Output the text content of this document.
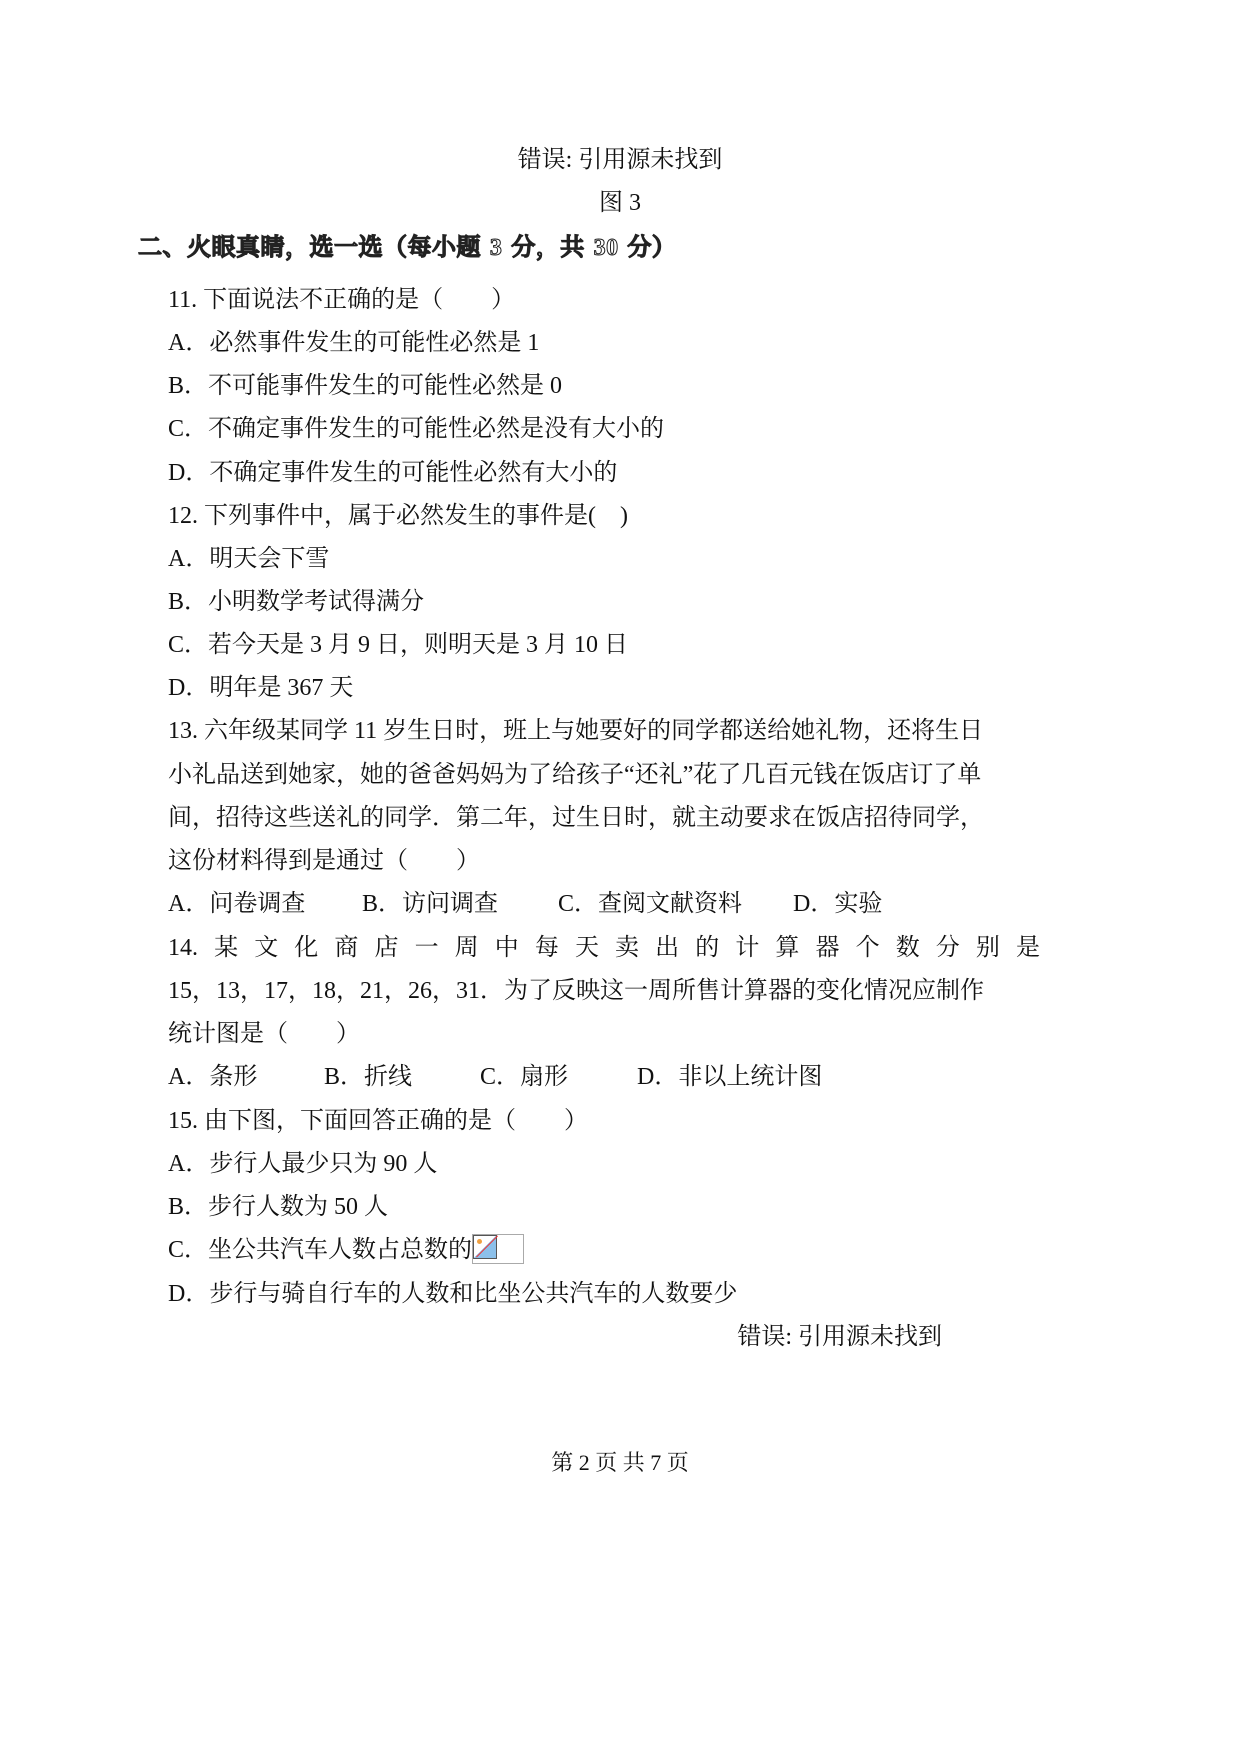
错误: 引用源未找到
图 3
二、火眼真睛，选一选（每小题 3 分，共 30 分）
11. 下面说法不正确的是（　　）
A．必然事件发生的可能性必然是 1
B．不可能事件发生的可能性必然是 0
C．不确定事件发生的可能性必然是没有大小的
D．不确定事件发生的可能性必然有大小的
12. 下列事件中，属于必然发生的事件是(　)
A．明天会下雪
B．小明数学考试得满分
C．若今天是 3 月 9 日，则明天是 3 月 10 日
D．明年是 367 天
13. 六年级某同学 11 岁生日时，班上与她要好的同学都送给她礼物，还将生日
小礼品送到她家，她的爸爸妈妈为了给孩子“还礼”花了几百元钱在饭店订了单
间，招待这些送礼的同学．第二年，过生日时，就主动要求在饭店招待同学，
这份材料得到是通过（　　）
A．问卷调查 B．访问调查 C．查阅文献资料 D．实验
14. 某 文 化 商 店 一 周 中 每 天 卖 出 的 计 算 器 个 数 分 别 是
15，13，17，18，21，26，31．为了反映这一周所售计算器的变化情况应制作
统计图是（　　）
A．条形	B．折线	C．扇形	D．非以上统计图
15. 由下图，下面回答正确的是（　　）
A．步行人最少只为 90 人
B．步行人数为 50 人
C．坐公共汽车人数占总数的
D．步行与骑自行车的人数和比坐公共汽车的人数要少
错误: 引用源未找到
第 2 页 共 7 页
